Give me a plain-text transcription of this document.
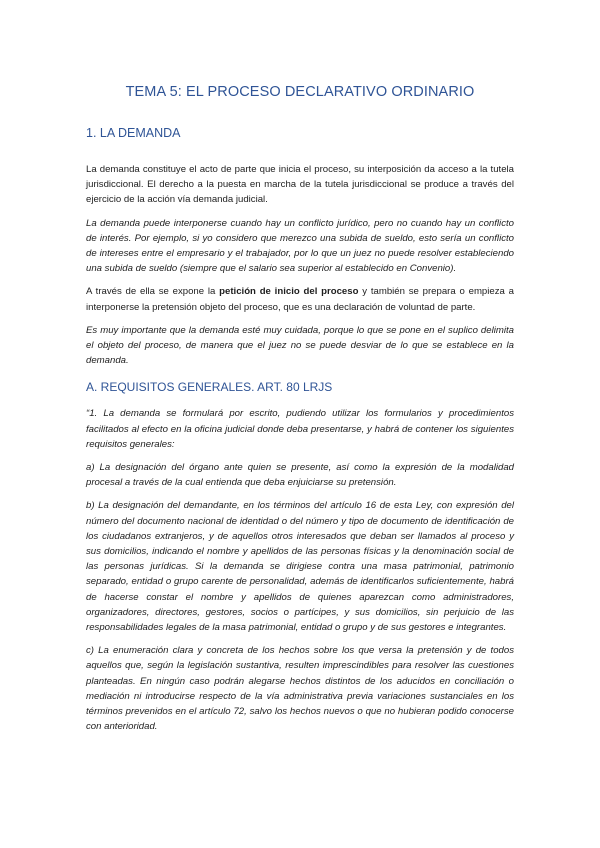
TEMA 5: EL PROCESO DECLARATIVO ORDINARIO
1. LA DEMANDA

La demanda constituye el acto de parte que inicia el proceso, su interposición da acceso a la tutela jurisdiccional. El derecho a la puesta en marcha de la tutela jurisdiccional se produce a través del ejercicio de la acción vía demanda judicial.

La demanda puede interponerse cuando hay un conflicto jurídico, pero no cuando hay un conflicto de interés. Por ejemplo, si yo considero que merezco una subida de sueldo, esto sería un conflicto de intereses entre el empresario y el trabajador, por lo que un juez no puede resolver estableciendo una subida de sueldo (siempre que el salario sea superior al establecido en Convenio).

A través de ella se expone la petición de inicio del proceso y también se prepara o empieza a interponerse la pretensión objeto del proceso, que es una declaración de voluntad de parte.

Es muy importante que la demanda esté muy cuidada, porque lo que se pone en el suplico delimita el objeto del proceso, de manera que el juez no se puede desviar de lo que se establece en la demanda.

A. REQUISITOS GENERALES. ART. 80 LRJS

“1. La demanda se formulará por escrito, pudiendo utilizar los formularios y procedimientos facilitados al efecto en la oficina judicial donde deba presentarse, y habrá de contener los siguientes requisitos generales:

a) La designación del órgano ante quien se presente, así como la expresión de la modalidad procesal a través de la cual entienda que deba enjuiciarse su pretensión.

b) La designación del demandante, en los términos del artículo 16 de esta Ley, con expresión del número del documento nacional de identidad o del número y tipo de documento de identificación de los ciudadanos extranjeros, y de aquellos otros interesados que deban ser llamados al proceso y sus domicilios, indicando el nombre y apellidos de las personas físicas y la denominación social de las personas jurídicas. Si la demanda se dirigiese contra una masa patrimonial, patrimonio separado, entidad o grupo carente de personalidad, además de identificarlos suficientemente, habrá de hacerse constar el nombre y apellidos de quienes aparezcan como administradores, organizadores, directores, gestores, socios o partícipes, y sus domicilios, sin perjuicio de las responsabilidades legales de la masa patrimonial, entidad o grupo y de sus gestores e integrantes.

c) La enumeración clara y concreta de los hechos sobre los que versa la pretensión y de todos aquellos que, según la legislación sustantiva, resulten imprescindibles para resolver las cuestiones planteadas. En ningún caso podrán alegarse hechos distintos de los aducidos en conciliación o mediación ni introducirse respecto de la vía administrativa previa variaciones sustanciales en los términos prevenidos en el artículo 72, salvo los hechos nuevos o que no hubieran podido conocerse con anterioridad.
